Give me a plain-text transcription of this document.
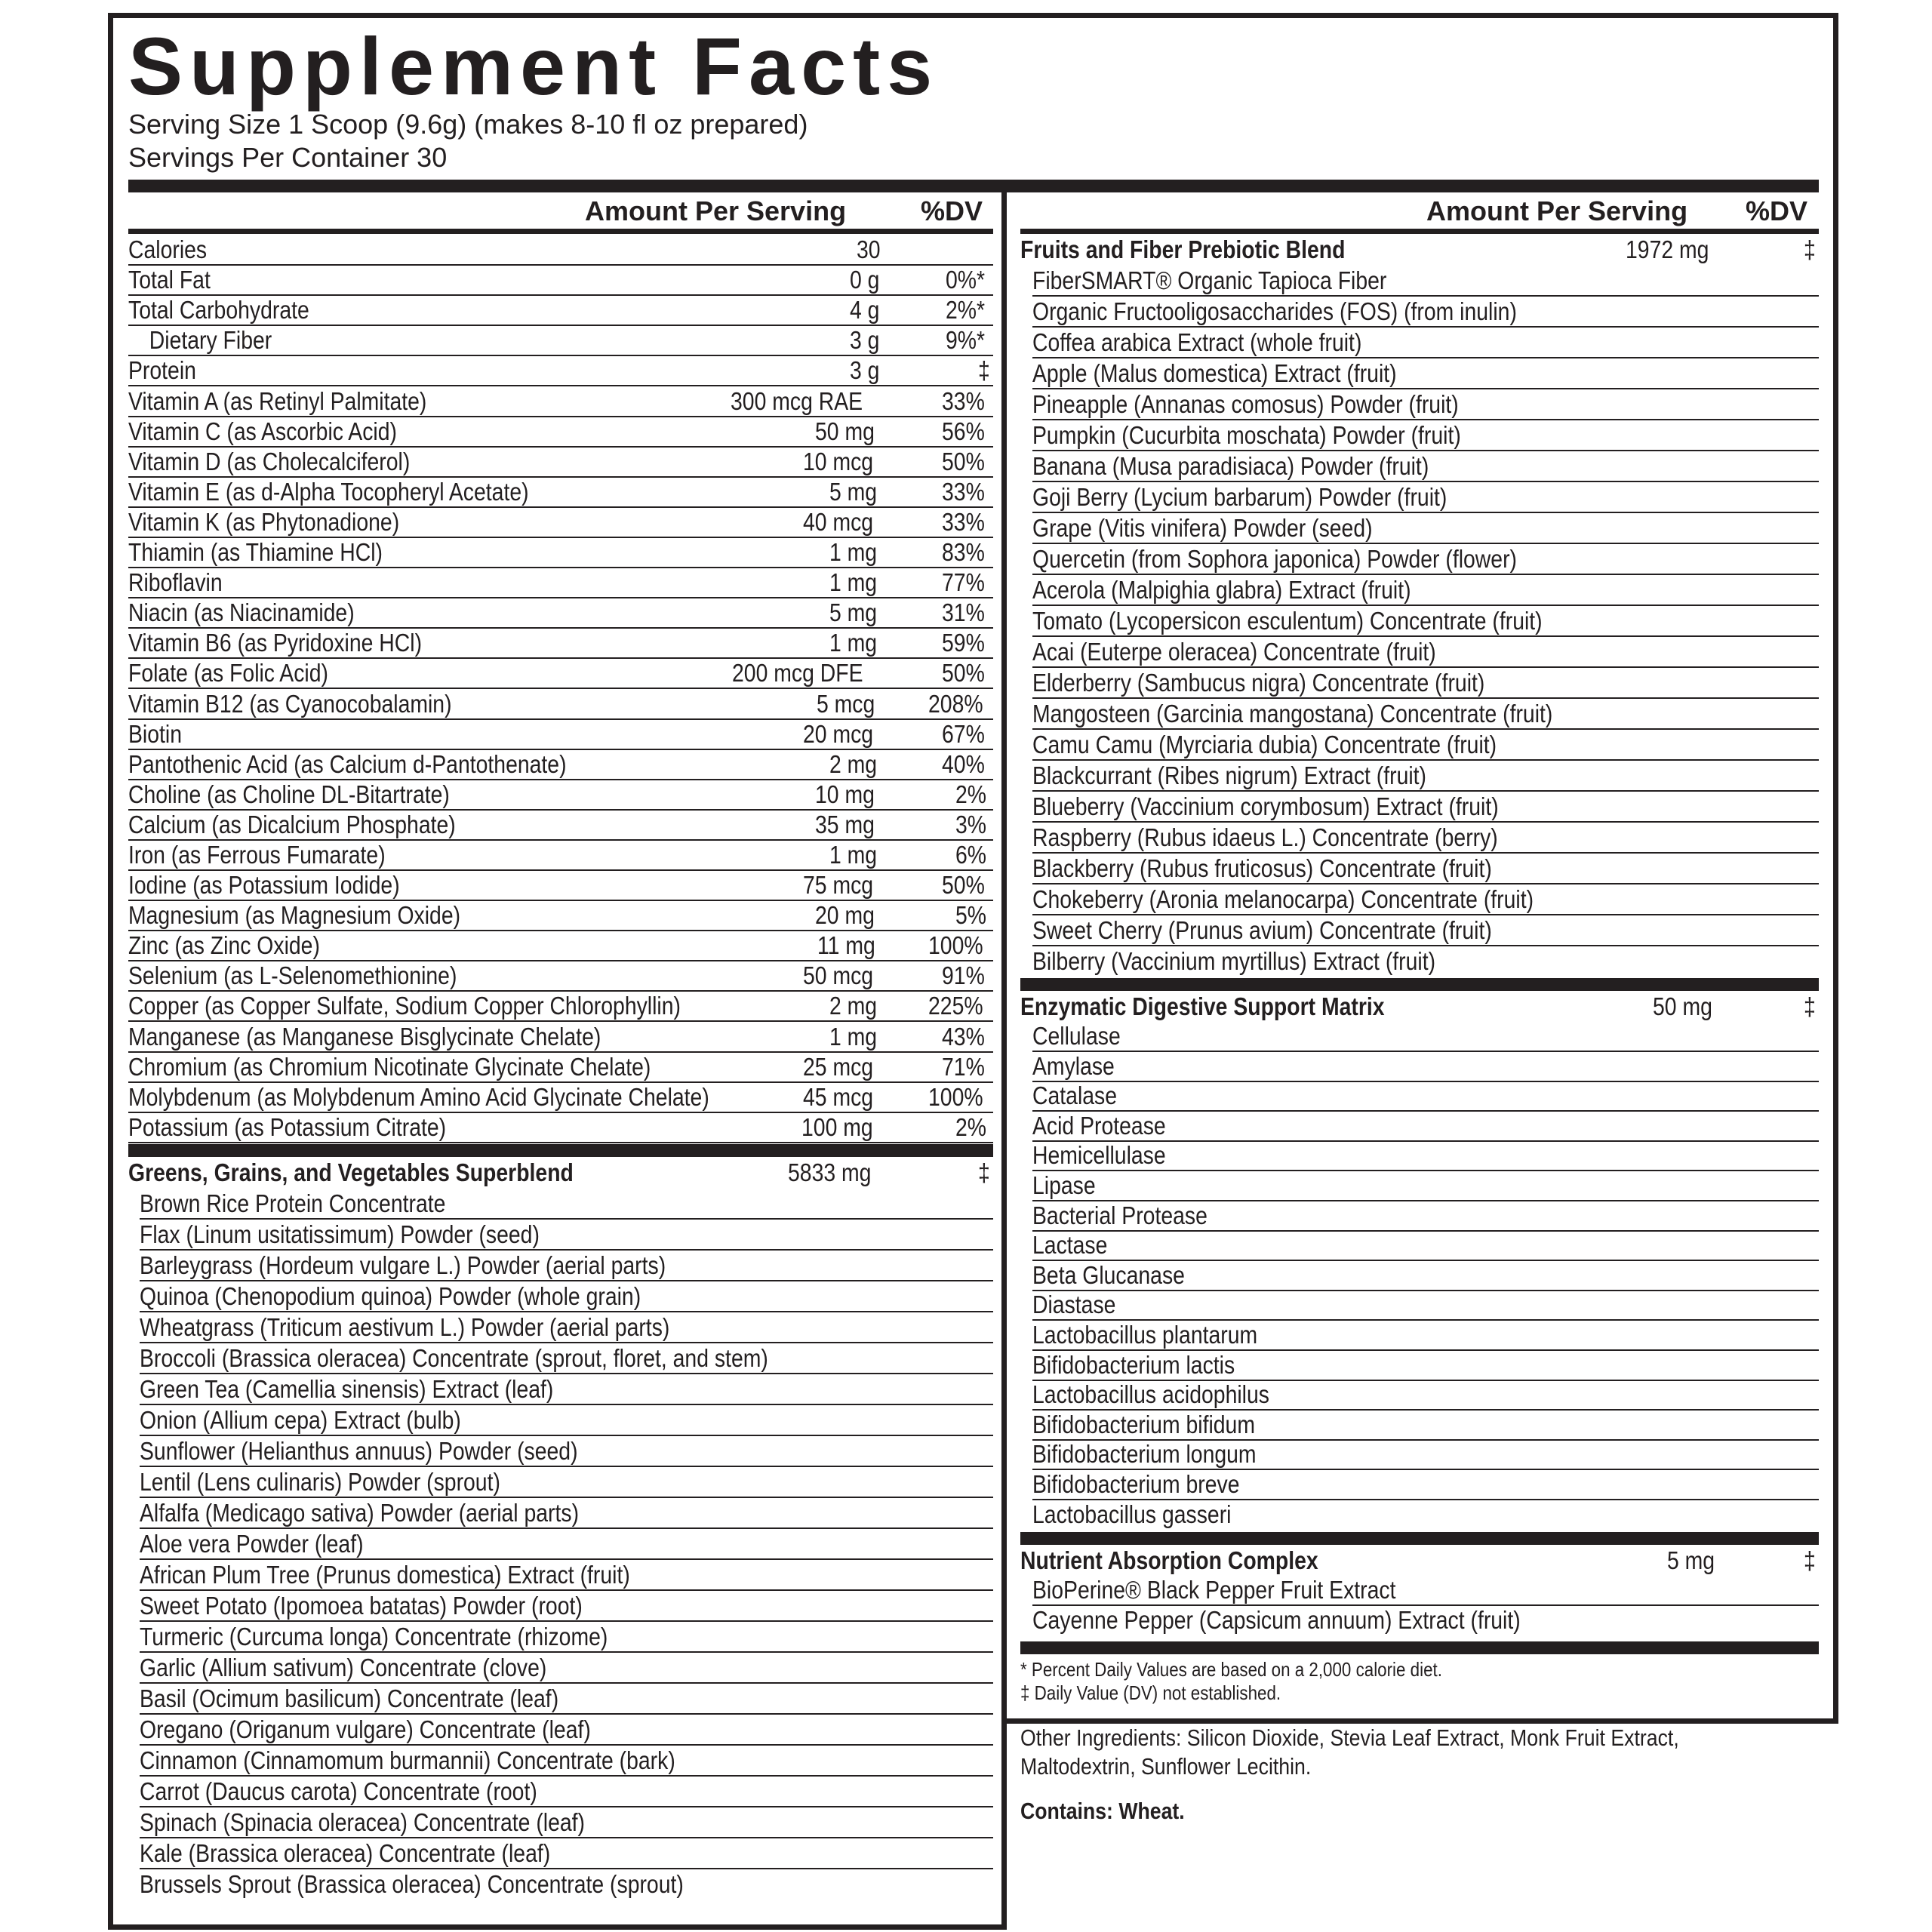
Supplement Facts
Serving Size 1 Scoop (9.6g) (makes 8-10 fl oz prepared)
Servings Per Container 30
Amount Per Serving	%DV	Amount Per Serving %DV
Calories	30
Total Fat	0 g	0%*
Total Carbohydrate	4 g	2%*
Dietary Fiber	3 g	9%*
Protein	3 g	‡
Vitamin A (as Retinyl Palmitate)	300 mcg RAE	33%
Vitamin C (as Ascorbic Acid)	50 mg	56%
Vitamin D (as Cholecalciferol)	10 mcg	50%
Vitamin E (as d-Alpha Tocopheryl Acetate)	5 mg	33%
Vitamin K (as Phytonadione)	40 mcg	33%
Thiamin (as Thiamine HCl)	1 mg	83%
Riboflavin	1 mg	77%
Niacin (as Niacinamide)	5 mg	31%
Vitamin B6 (as Pyridoxine HCl)	1 mg	59%
Folate (as Folic Acid)	200 mcg DFE	50%
Vitamin B12 (as Cyanocobalamin)	5 mcg 208%
Biotin	20 mcg	67%
Pantothenic Acid (as Calcium d-Pantothenate)	2 mg	40%
Choline (as Choline DL-Bitartrate)	10 mg	2%
Calcium (as Dicalcium Phosphate)	35 mg	3%
Iron (as Ferrous Fumarate)	1 mg	6%
Iodine (as Potassium Iodide)	75 mcg	50%
Magnesium (as Magnesium Oxide)	20 mg	5%
Zinc (as Zinc Oxide)	11 mg 100%
Selenium (as L-Selenomethionine)	50 mcg	91%
Copper (as Copper Sulfate, Sodium Copper Chlorophyllin)	2 mg 225%
Manganese (as Manganese Bisglycinate Chelate)	1 mg	43%
Chromium (as Chromium Nicotinate Glycinate Chelate)	25 mcg	71%
Molybdenum (as Molybdenum Amino Acid Glycinate Chelate)	45 mcg 100%
Potassium (as Potassium Citrate)	100 mg	2%
Greens, Grains, and Vegetables Superblend	5833 mg	‡
Brown Rice Protein Concentrate
Flax (Linum usitatissimum) Powder (seed)
Barleygrass (Hordeum vulgare L.) Powder (aerial parts)
Quinoa (Chenopodium quinoa) Powder (whole grain)
Wheatgrass (Triticum aestivum L.) Powder (aerial parts)
Broccoli (Brassica oleracea) Concentrate (sprout, floret, and stem)
Green Tea (Camellia sinensis) Extract (leaf)
Onion (Allium cepa) Extract (bulb)
Sunflower (Helianthus annuus) Powder (seed)
Lentil (Lens culinaris) Powder (sprout)
Alfalfa (Medicago sativa) Powder (aerial parts)
Aloe vera Powder (leaf)
African Plum Tree (Prunus domestica) Extract (fruit)
Sweet Potato (Ipomoea batatas) Powder (root)
Turmeric (Curcuma longa) Concentrate (rhizome)
Garlic (Allium sativum) Concentrate (clove)
Basil (Ocimum basilicum) Concentrate (leaf)
Oregano (Origanum vulgare) Concentrate (leaf)
Cinnamon (Cinnamomum burmannii) Concentrate (bark)
Carrot (Daucus carota) Concentrate (root)
Spinach (Spinacia oleracea) Concentrate (leaf)
Kale (Brassica oleracea) Concentrate (leaf)
Brussels Sprout (Brassica oleracea) Concentrate (sprout)
Fruits and Fiber Prebiotic Blend	1972 mg	‡
FiberSMART® Organic Tapioca Fiber
Organic Fructooligosaccharides (FOS) (from inulin)
Coffea arabica Extract (whole fruit)
Apple (Malus domestica) Extract (fruit)
Pineapple (Annanas comosus) Powder (fruit)
Pumpkin (Cucurbita moschata) Powder (fruit)
Banana (Musa paradisiaca) Powder (fruit)
Goji Berry (Lycium barbarum) Powder (fruit)
Grape (Vitis vinifera) Powder (seed)
Quercetin (from Sophora japonica) Powder (flower)
Acerola (Malpighia glabra) Extract (fruit)
Tomato (Lycopersicon esculentum) Concentrate (fruit)
Acai (Euterpe oleracea) Concentrate (fruit)
Elderberry (Sambucus nigra) Concentrate (fruit)
Mangosteen (Garcinia mangostana) Concentrate (fruit)
Camu Camu (Myrciaria dubia) Concentrate (fruit)
Blackcurrant (Ribes nigrum) Extract (fruit)
Blueberry (Vaccinium corymbosum) Extract (fruit)
Raspberry (Rubus idaeus L.) Concentrate (berry)
Blackberry (Rubus fruticosus) Concentrate (fruit)
Chokeberry (Aronia melanocarpa) Concentrate (fruit)
Sweet Cherry (Prunus avium) Concentrate (fruit)
Bilberry (Vaccinium myrtillus) Extract (fruit)
Enzymatic Digestive Support Matrix	50 mg	‡
Cellulase
Amylase
Catalase
Acid Protease
Hemicellulase
Lipase
Bacterial Protease
Lactase
Beta Glucanase
Diastase
Lactobacillus plantarum
Bifidobacterium lactis
Lactobacillus acidophilus
Bifidobacterium bifidum
Bifidobacterium longum
Bifidobacterium breve
Lactobacillus gasseri
Nutrient Absorption Complex	5 mg	‡
BioPerine® Black Pepper Fruit Extract
Cayenne Pepper (Capsicum annuum) Extract (fruit)
* Percent Daily Values are based on a 2,000 calorie diet.
‡ Daily Value (DV) not established.
Other Ingredients: Silicon Dioxide, Stevia Leaf Extract, Monk Fruit Extract,
Maltodextrin, Sunflower Lecithin.
Contains: Wheat.
